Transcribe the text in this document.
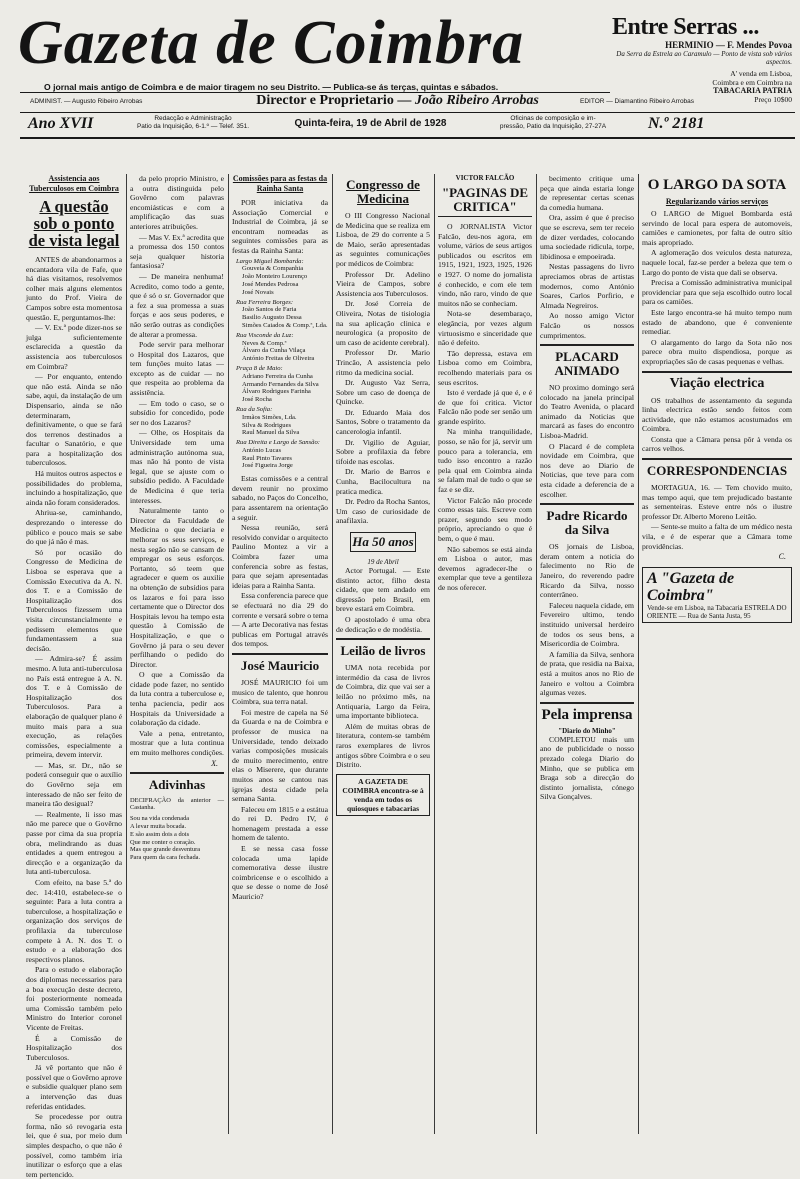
Gazeta de Coimbra
O jornal mais antigo de Coimbra e de maior tiragem no seu Distrito. — Publica-se ás terças, quintas e sábados.
ADMINIST. — Augusto Ribeiro Arrobas	Director e Proprietario — João Ribeiro Arrobas	EDITOR — Diamantino Ribeiro Arrobas
Ano XVII	Redacção e Administração
Patio da Inquisição, 6-1.º — Telef. 351.	Quinta-feira, 19 de Abril de 1928	Oficinas de composição e im-
pressão, Patio da Inquisição, 27-27A	N.º 2181
Entre Serras ...
HERMINIO — F. Mendes Povoa
Da Serra da Estrela ao Caramulo — Ponto de vista sob vários aspectos.
A' venda em Lisboa,
Coimbra e em Coimbra na
TABACARIA PATRIA
Preço 10$00
Assistencia aos Tuberculosos em Coimbra
A questão sob o ponto de vista legal

ANTES de abandonarmos a encantadora vila de Fafe, que há dias visitamos, resolvemos colher mais alguns elementos junto do Prof. Vieira de Campos sobre esta momentosa questão. E, perguntamos-lhe:

— V. Ex.ª pode dizer-nos se julga suficientemente esclarecida a questão da assistencia aos tuberculosos em Coimbra?

— Por enquanto, entendo que não está. Ainda se não sabe, aqui, da instalação de um Dispensario, ainda se não determinaram, definitivamente, o que se fará dos terrenos destinados a facultar o Sanatório, e que para a hospitalização dos tuberculosos.

Há muitos outros aspectos e possibilidades do problema, incluindo a hospitalização, que ainda não foram considerados.

Ahriua-se, caminhando, desprezando o interesse do público e pouco mais se sabe do que já não é mas.

Só por ocasião do Congresso de Medicina de Lisboa se esperava que a Comissão Executiva da A. N. dos T. e a Comissão de Hospitalização dos Tuberculosos fizessem uma visita circunstancialmente e pedissem elementos que fundamentassem a sua decisão.

— Admira-se? É assim mesmo. A luta anti-tuberculosa no País está entregue à A. N. dos T. e à Comissão de Hospitalização dos Tuberculosos. Para a elaboração de qualquer plano é muito mais para a sua execução, as relações comissões, especialmente a primeira, devem intervir.

— Mas, sr. Dr., não se poderá conseguir que o auxílio do Govêrno seja em interessado de não ser feito de maneira tão desigual?

— Realmente, li isso mas não me parece que o Govêrno passe por cima da sua propria obra, melindrando as duas entidades a quem entregou a direcção e a organização da luta anti-tuberculosa.

Com efeito, na base 5.ª do dec. 14:410, estabelece-se o seguinte: Para a luta contra a tuberculose, a hospitalização e organização dos serviços de profilaxia da tuberculose compete à A. N. dos T. o estudo e a elaboração dos respectivos planos.

Para o estudo e elaboração dos diplomas necessarios para a boa execução deste decreto, foi posteriormente nomeada uma Comissão também pelo Ministro do Interior coronel Vicente de Freitas.

É a Comissão de Hospitalização dos Tuberculosos.

Já vê portanto que não é possível que o Govêrno aprove e subsidie qualquer plano sem a intervenção das duas referidas entidades.

Se procedesse por outra forma, não só revogaria esta lei, que é sua, por meio dum simples despacho, o que não é possível, como também iria inutilizar o esforço que a elas tem pertencido.

da pelo proprio Ministro, e a outra distinguida pelo Govêrno com palavras encomiásticas e com a amplificação das suas anteriores atribuições.

— Mas V. Ex.ª acredita que a promessa dos 150 contos seja qualquer historia fantasiosa?

— De maneira nenhuma! Acredito, como todo a gente, que é só o sr. Governador que a fez a sua promessa a suas forças e aos seus poderes, e não serão outras as condições de alterar a promessa.

Pode servir para melhorar o Hospital dos Lazaros, que tem funções muito latas — excepto as de cuidar — no que respeita ao problema da assistência.

— Em todo o caso, se o subsídio for concedido, pode ser no dos Lazaros?

— Olhe, os Hospitais da Universidade tem uma administração autónoma sua, mas não há ponto de vista legal, que se ajuste com o subsídio pedido. A Faculdade de Medicina é que teria interesses.

Naturalmente tanto o Director da Faculdade de Medicina o que deciaria e melhorar os seus serviços, e nesta segão não se cansam de empregar os seus esforços. Portanto, só teem que agradecer e quem os auxilie na obtenção de subsídios para os lazaros e foi para isso certamente que o Director dos Hospitais levou ha tempo esta questão à Comissão de Hospitalização, e que o Govêrno já para o seu dever perfilhando o pedido do Director.

O que a Comissão da cidade pode fazer, no sentido da luta contra a tuberculose e, tenha paciencia, pedir aos Hospitais da Universidade a colaboração da cidade.

Vale a pena, entretanto, mostrar que a luta continua em muito melhores condições.

X.
Adivinhas

DECIFRAÇÃO da anterior — Castanha.

Sou na vida condenada
A levar muita bocada.
E são assim dois a dois
Que me conter o coração.
Mas que grande desventura
Para quem da cara fechada.
Comissões para as festas da Rainha Santa

POR iniciativa da Associação Comercial e Industrial de Coimbra, já se encontram nomeadas as seguintes comissões para as festas da Rainha Santa:

Largo Miguel Bombarda:
Gouveia & Companhia
João Monteiro Lourenço
José Mendes Pedrosa
José Novais
Rua Ferreira Borges:
João Santos de Faria
Basilio Augusto Dessa
Simões Caiados & Comp.ª, Lda.
Rua Visconde da Luz:
Neves & Comp.ª
Álvaro da Cunha Vilaça
António Freitas de Oliveira
Praça 8 de Maio:
Adriano Ferreira da Cunha
Armando Fernandes da Silva
Álvaro Rodrigues Farinha
José Rocha
Rua da Sofia:
Irmãos Simões, Lda.
Silva & Rodrigues
Raul Manuel da Silva
Rua Direita e Largo de Sansão:
António Lucas
Raul Pinto Tavares
José Figueira Jorge

Estas comissões e a central devem reunir no proximo sabado, no Paços do Concelho, para assentarem na orientação a seguir.

Nessa reunião, será resolvido convidar o arquitecto Paulino Montez a vir a Coimbra fazer uma conferencia sobre as festas, para que sejam apresentadas ideias para a Rainha Santa.

Essa conferencia parece que se efectuará no dia 29 do corrente e versará sobre o tema — A arte Decorativa nas festas publicas em Portugal através dos tempos.

José Mauricio

JOSÉ MAURICIO foi um musico de talento, que honrou Coimbra, sua terra natal.

Foi mestre de capela na Sé da Guarda e na de Coimbra e professor de musica na Universidade, tendo deixado varias composições musicais de muito merecimento, entre elas o Miserere, que durante muitos anos se cantou nas igrejas desta cidade pela semana Santa.

Faleceu em 1815 e a estátua do rei D. Pedro IV, é homenagem prestada a esse homem de talento.

E se nessa casa fosse colocada uma lapide comemorativa desse ilustre coimbricense e o escolhido a que se desse o nome de José Mauricio?

Congresso de Medicina

O III Congresso Nacional de Medicina que se realiza em Lisboa, de 29 do corrente a 5 de Maio, serão apresentadas as seguintes comunicações por médicos de Coimbra:

Professor Dr. Adelino Vieira de Campos, sobre Assistencia aos Tuberculosos.

Dr. José Correia de Oliveira, Notas de tisiologia na sua aplicação clinica e neurologica (a proposito de um caso de acidente cerebral).

Professor Dr. Mario Trincão, A assistencia pelo ritmo da medicina social.

Dr. Augusto Vaz Serra, Sobre um caso de doença de Quincke.

Dr. Eduardo Maia dos Santos, Sobre o tratamento da cancerologia infantil.

Dr. Vigilio de Aguiar, Sobre a profilaxia da febre tifoide nas escolas.

Dr. Mario de Barros e Cunha, Bacilocultura na pratica medica.

Dr. Pedro da Rocha Santos, Um caso de curiosidade de anafilaxia.

Ha 50 anos
19 de Abril

Actor Portugal. — Este distinto actor, filho desta cidade, que tem andado em digressão pelo Brasil, em breve estará em Coimbra.

O apostolado é uma obra de dedicação e de modéstia.

Leilão de livros

UMA nota recebida por intermédio da casa de livros de Coimbra, diz que vai ser a leilão no próximo mês, na Antiquaria, Largo da Feira, uma importante biblioteca.

Além de muitas obras de literatura, contem-se também raros exemplares de livros antigos sôbre Coimbra e o seu Distrito.

A GAZETA DE COIMBRA encontra-se à venda em todos os quiosques e tabacarias
VICTOR FALCÃO
"PAGINAS DE CRITICA"

O JORNALISTA Victor Falcão, deu-nos agora, em volume, vários de seus artigos publicados ou escritos em 1915, 1921, 1923, 1925, 1926 e 1927. O nome do jornalista é conhecido, e com ele tem vindo, não raro, vindo de que muitos não se conheciam.

Nota-se desembaraço, elegância, por vezes algum virtuosismo e sinceridade que não é defeito.

Tão depressa, estava em Lisboa como em Coimbra, recolhendo materiais para os seus escritos.

Isto é verdade já que é, e é de que foi critica. Victor Falcão não pode ser senão um grande espírito.

Na minha tranquilidade, posso, se não for já, servir um pouco para a tolerancia, em tudo isso encontro a razão pela qual em Coimbra ainda se falam mal de tudo o que se faz e se diz.

Victor Falcão não procede como essas tais. Escreve com prazer, segundo seu modo próprio, apreciando o que é bem, o que é mau.

Não sabemos se está ainda em Lisboa o autor, mas devemos agradecer-lhe o exemplar que teve a gentileza de nos oferecer.

becimento critique uma peça que ainda estaria longe de representar certas scenas da comedia humana.

Ora, assim é que é preciso que se escreva, sem ter receio de dizer verdades, colocando uma sociedade ridicula, torpe, libidinosa e empoeirada.

Nestas passagens do livro apreciamos obras de artistas modernos, como António Soares, Carlos Porfirio, e Almada Negreiros.

Ao nosso amigo Victor Falcão os nossos cumprimentos.

PLACARD ANIMADO

NO proximo domingo será colocado na janela principal do Teatro Avenida, o placard animado da Noticias que marcará as fases do encontro Lisboa-Madrid.

O Placard é de completa novidade em Coimbra, que nos deve ao Diario de Noticias, que teve para com esta cidade a deferencia de a escolher.

Padre Ricardo da Silva

OS jornais de Lisboa, deram ontem a noticia do falecimento no Rio de Janeiro, do reverendo padre Ricardo da Silva, nosso conterrâneo.

Faleceu naquela cidade, em Fevereiro ultimo, tendo instituido universal herdeiro de todos os seus bens, a Misericordia de Coimbra.

A família da Silva, senhora de prata, que residia na Baixa, está a muitos anos no Rio de Janeiro e voltou a Coimbra algumas vezes.

Pela imprensa
"Diario do Minho"

COMPLETOU mais um ano de publicidade o nosso prezado colega Diario do Minho, que se publica em Braga sob a direcção do distinto jornalista, cónego Silva Gonçalves.

O LARGO DA SOTA
Regularizando vários serviços

O LARGO de Miguel Bombarda está servindo de local para espera de automoveis, camiões e camionetes, por falta de outro sítio mais apropriado.

A aglomeração dos veiculos desta natureza, naquele local, faz-se perder a beleza que tem o Largo do ponto de vista que dali se observa.

Precisa a Comissão administrativa municipal providenciar para que seja escolhido outro local para os camiões.

Este largo encontra-se há muito tempo num estado de abandono, que é conveniente remediar.

O alargamento do largo da Sota não nos parece obra muito dispendiosa, porque as expropriações são de casas pequenas e velhas.

Viação electrica

OS trabalhos de assentamento da segunda linha electrica estão sendo feitos com actividade, que não estamos acostumados em Coimbra.

Consta que a Câmara pensa pôr à venda os carros velhos.

CORRESPONDENCIAS

MORTAGUA, 16. — Tem chovido muito, mas tempo aqui, que tem prejudicado bastante as sementeiras. Esteve entre nós o ilustre professor Dr. Alberto Moreno Leitão.

— Sente-se muito a falta de um médico nesta vila, e é de esperar que a Câmara tome providências.

C.
A "Gazeta de Coimbra"
Vende-se em Lisboa, na Tabacaria ESTRELA DO ORIENTE — Rua de Santa Justa, 95
